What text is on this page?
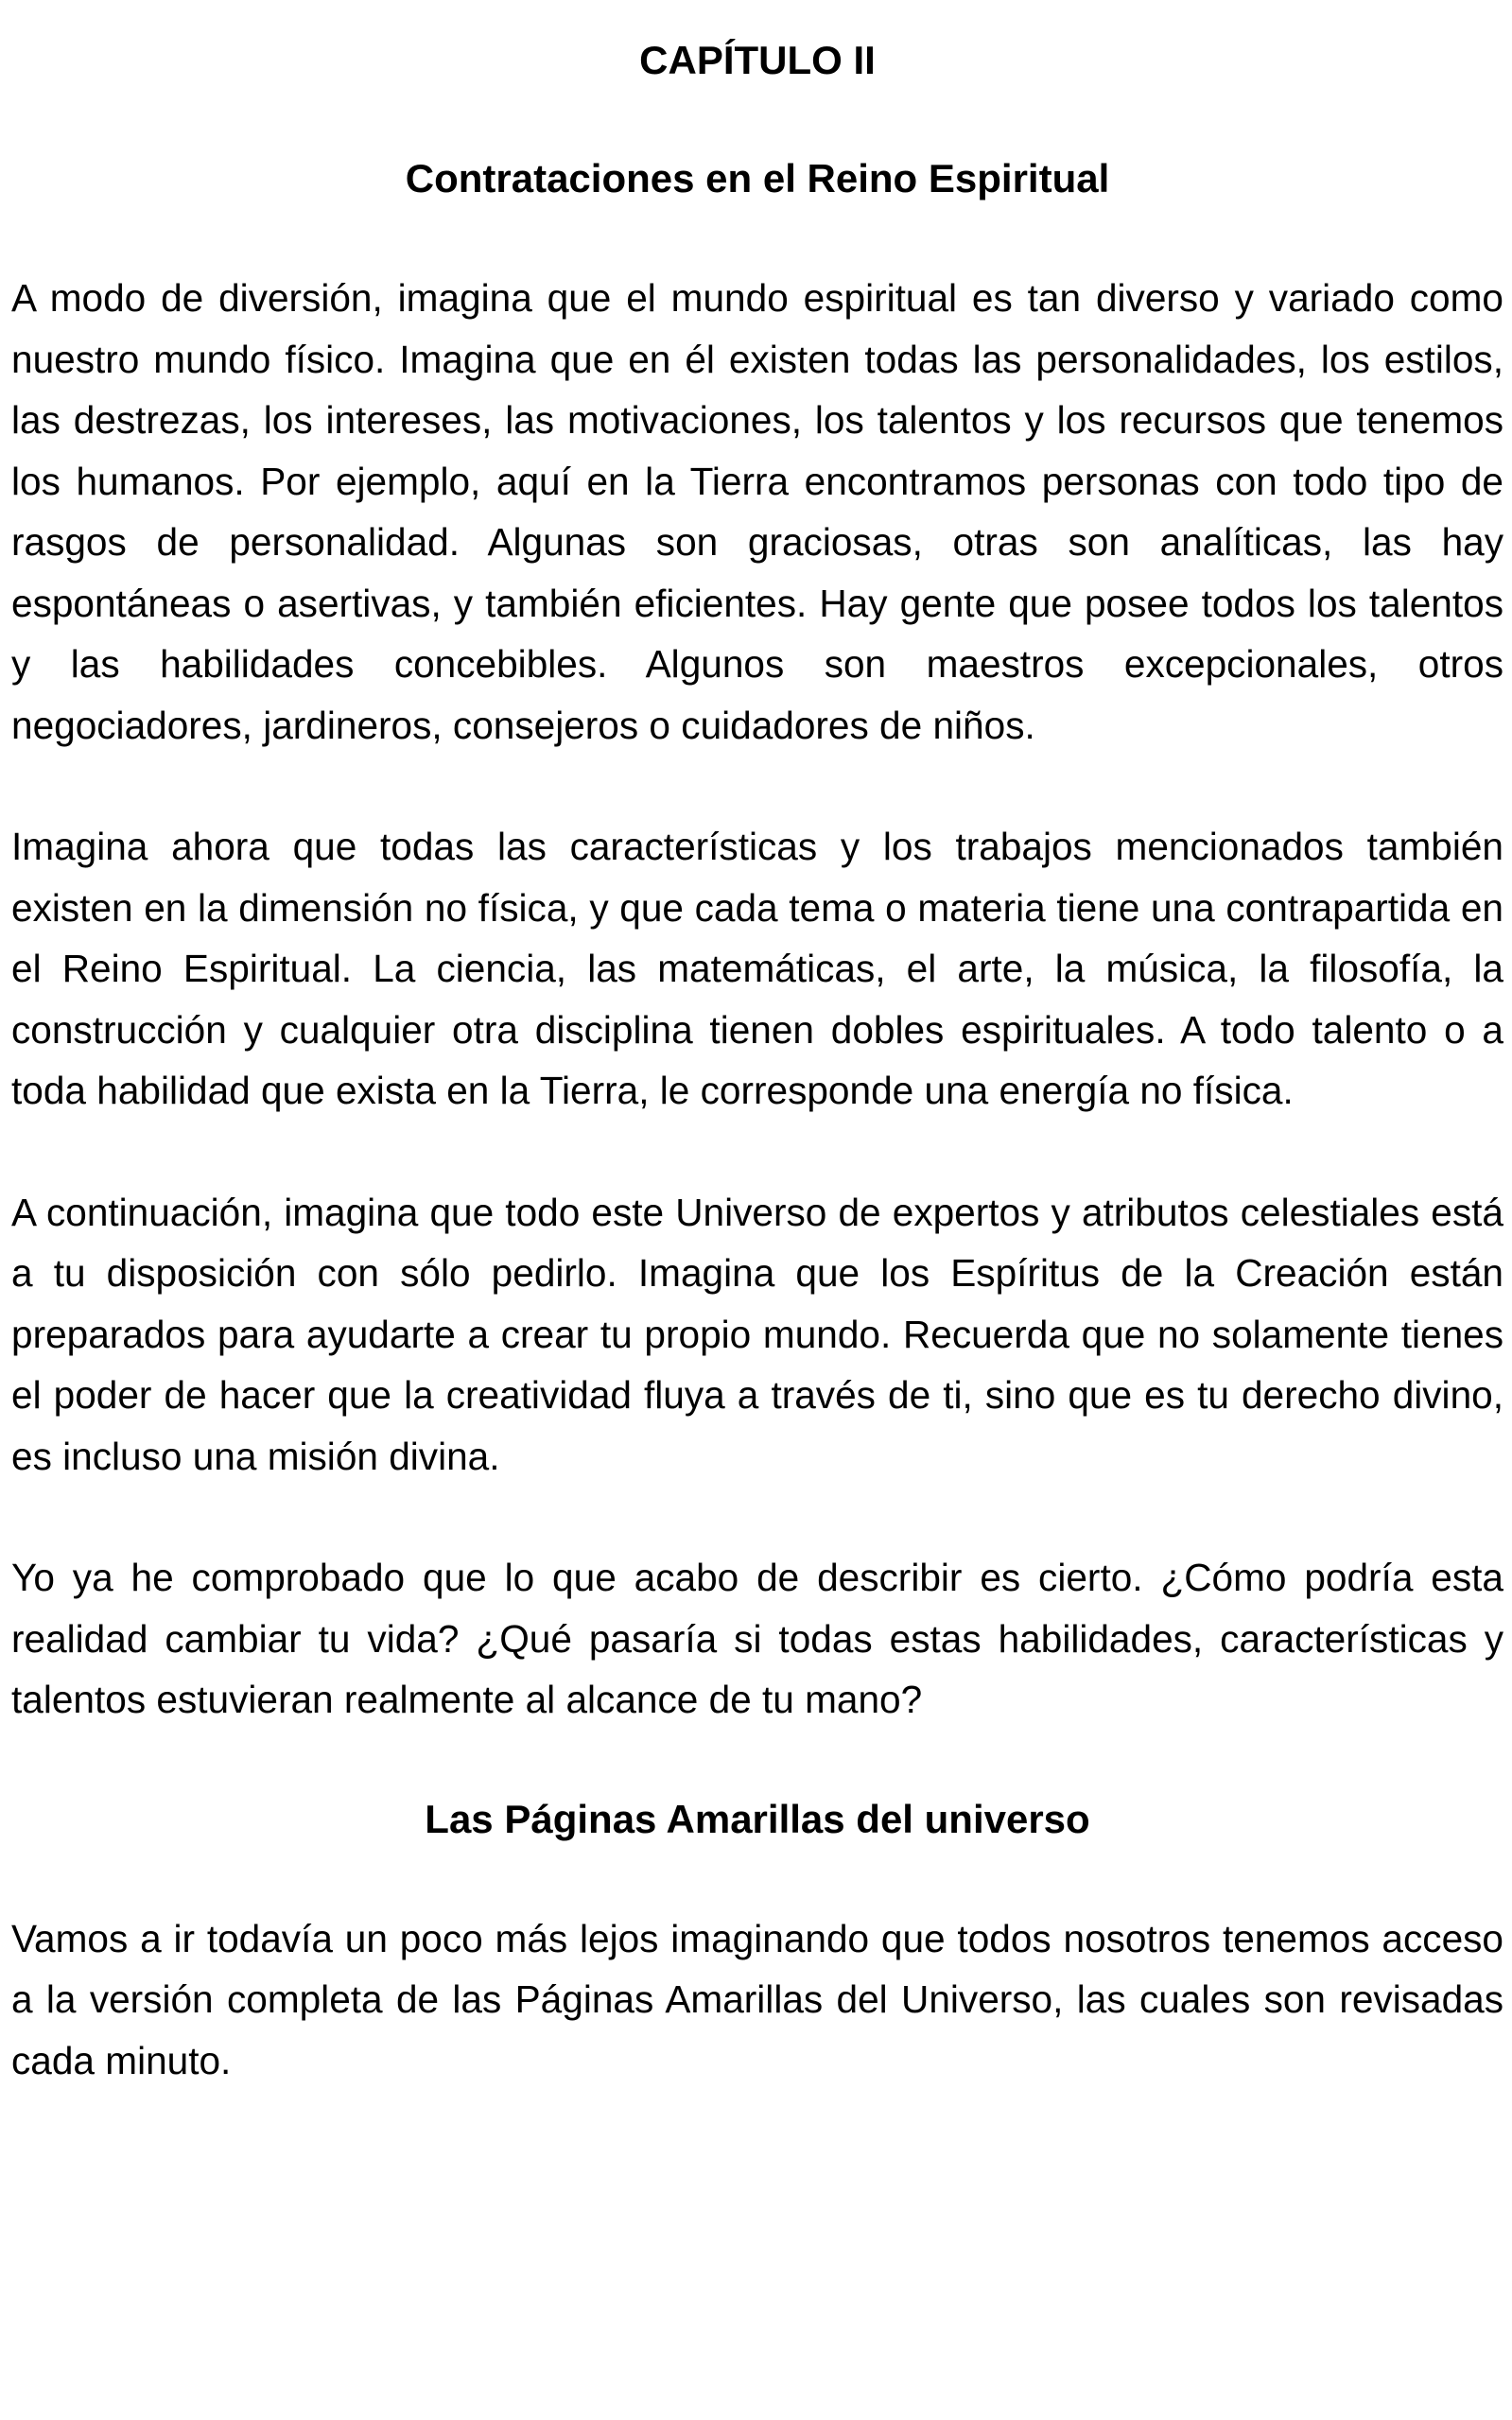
CAPÍTULO II
Contrataciones en el Reino Espiritual

A modo de diversión, imagina que el mundo espiritual es tan diverso y variado como nuestro mundo físico. Imagina que en él existen todas las personalidades, los estilos, las destrezas, los intereses, las motivaciones, los talentos y los recursos que tenemos los humanos. Por ejemplo, aquí en la Tierra encontramos personas con todo tipo de rasgos de personalidad. Algunas son graciosas, otras son analíticas, las hay espontáneas o asertivas, y también eficientes. Hay gente que posee todos los talentos y las habilidades concebibles. Algunos son maestros excepcionales, otros negociadores, jardineros, consejeros o cuidadores de niños.

Imagina ahora que todas las características y los trabajos mencionados también existen en la dimensión no física, y que cada tema o materia tiene una contrapartida en el Reino Espiritual. La ciencia, las matemáticas, el arte, la música, la filosofía, la construcción y cualquier otra disciplina tienen dobles espirituales. A todo talento o a toda habilidad que exista en la Tierra, le corresponde una energía no física.

A continuación, imagina que todo este Universo de expertos y atributos celestiales está a tu disposición con sólo pedirlo. Imagina que los Espíritus de la Creación están preparados para ayudarte a crear tu propio mundo. Recuerda que no solamente tienes el poder de hacer que la creatividad fluya a través de ti, sino que es tu derecho divino, es incluso una misión divina.

Yo ya he comprobado que lo que acabo de describir es cierto. ¿Cómo podría esta realidad cambiar tu vida? ¿Qué pasaría si todas estas habilidades, características y talentos estuvieran realmente al alcance de tu mano?

Las Páginas Amarillas del universo

Vamos a ir todavía un poco más lejos imaginando que todos nosotros tenemos acceso a la versión completa de las Páginas Amarillas del Universo, las cuales son revisadas cada minuto.
